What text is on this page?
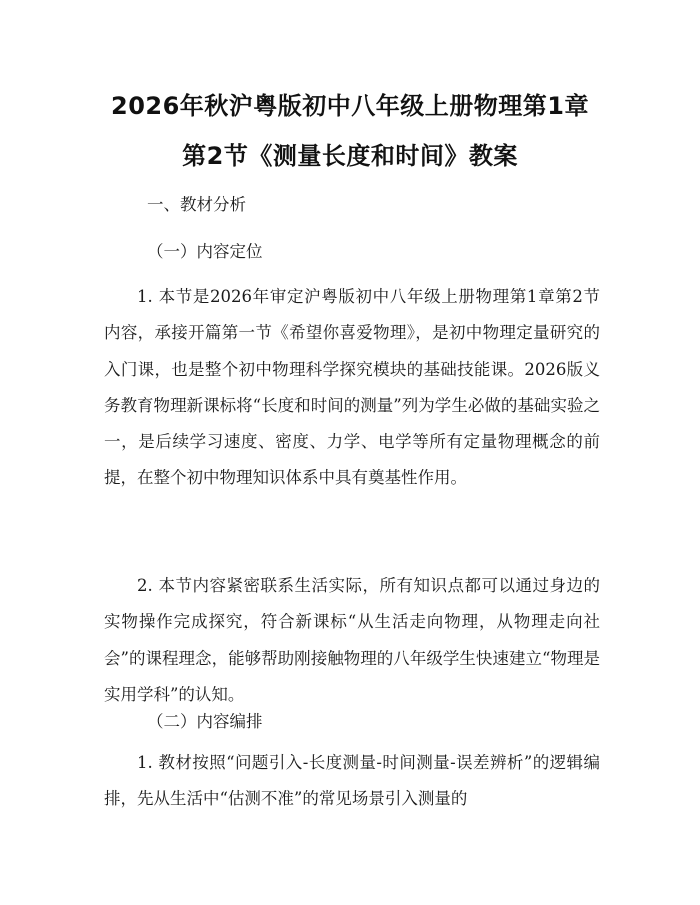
2026年秋沪粤版初中八年级上册物理第1章
第2节《测量长度和时间》教案
一、教材分析
（一）内容定位
1. 本节是2026年审定沪粤版初中八年级上册物理第1章第2节内容，承接开篇第一节《希望你喜爱物理》，是初中物理定量研究的入门课，也是整个初中物理科学探究模块的基础技能课。2026版义务教育物理新课标将“长度和时间的测量”列为学生必做的基础实验之一，是后续学习速度、密度、力学、电学等所有定量物理概念的前提，在整个初中物理知识体系中具有奠基性作用。
2. 本节内容紧密联系生活实际，所有知识点都可以通过身边的实物操作完成探究，符合新课标“从生活走向物理，从物理走向社会”的课程理念，能够帮助刚接触物理的八年级学生快速建立“物理是实用学科”的认知。
（二）内容编排
1. 教材按照“问题引入-长度测量-时间测量-误差辨析”的逻辑编排，先从生活中“估测不准”的常见场景引入测量的
